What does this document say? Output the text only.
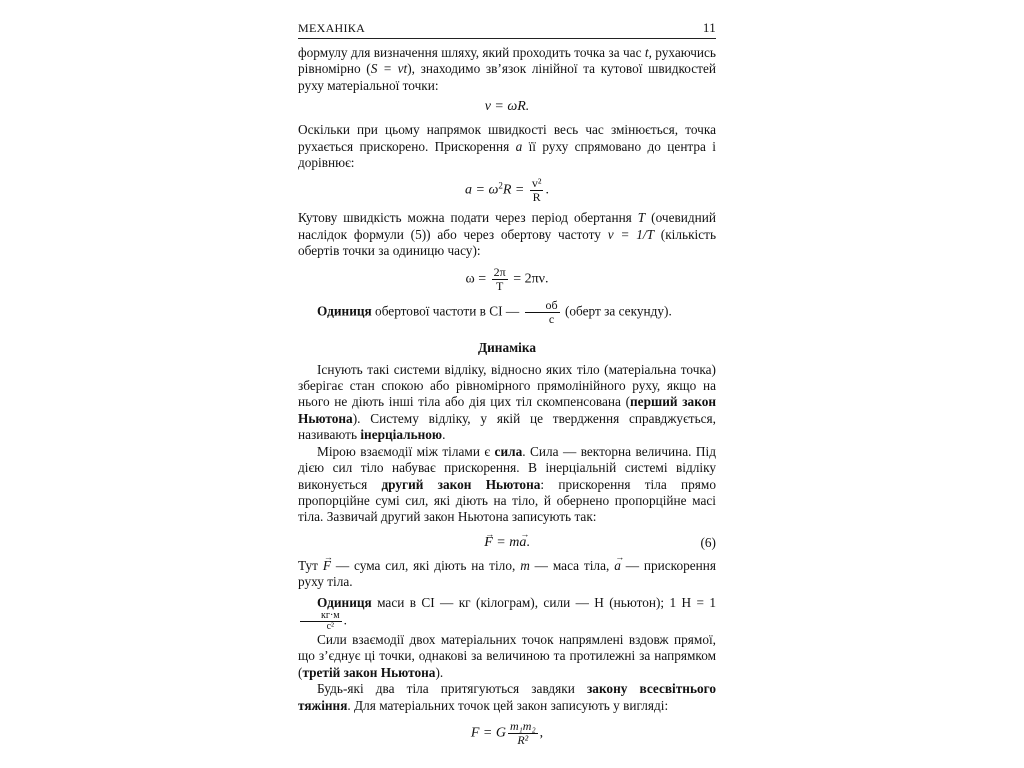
МЕХАНІКА	11

формулу для визначення шляху, який проходить точка за час t, рухаючись рівномірно (S = vt), знаходимо зв’язок лінійної та кутової швидкостей руху матеріальної точки:

v = ωR.

Оскільки при цьому напрямок швидкості весь час змінюється, точка рухається прискорено. Прискорення a її руху спрямовано до центра і дорівнює:

$a = \omega^2R = \frac{\text{v²}}{R}$ .

Кутову швидкість можна подати через період обертання T (очевидний наслідок формули (5)) або через обертову частоту ν = 1/T (кількість обертів точки за одиницю часу):

$\omega = \frac{2\pi}{T} = 2\pi\nu$.

Одиниця обертової частоти в СІ — $\frac{об}{с}$ (оберт за секунду).

Динаміка

Існують такі системи відліку, відносно яких тіло (матеріальна точка) зберігає стан спокою або рівномірного прямолінійного руху, якщо на нього не діють інші тіла або дія цих тіл скомпенсована (перший закон Ньютона). Систему відліку, у якій це твердження справджується, називають інерціальною.

Мірою взаємодії між тілами є сила. Сила — векторна величина. Під дією сил тіло набуває прискорення. В інерціальній системі відліку виконується другий закон Ньютона: прискорення тіла прямо пропорційне сумі сил, які діють на тіло, й обернено пропорційне масі тіла. Зазвичай другий закон Ньютона записують так:

→ F = m→ a.	(6)

Тут → F — сума сил, які діють на тіло, m — маса тіла, → a — прискорення руху тіла.

Одиниця маси в СІ — кг (кілограм), сили — Н (ньютон); 1 Н = 1
$\frac{кг\cdot м}{\text{с²}}$ .

Сили взаємодії двох матеріальних точок напрямлені вздовж прямої, що з’єднує ці точки, однакові за величиною та протилежні за напрямком (третій закон Ньютона).

Будь-які два тіла притягуються завдяки закону всесвітнього тяжіння. Для матеріальних точок цей закон записують у вигляді:

F = G $\frac{\text{m₁m₂}}{\text{R²}}$ ,
